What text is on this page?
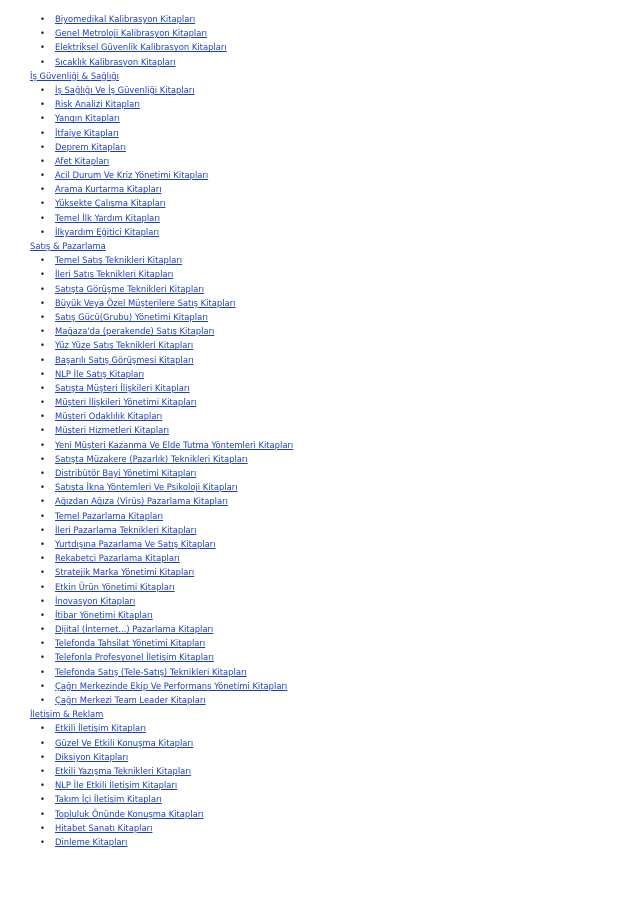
• Biyomedikal Kalibrasyon Kitapları
• Genel Metroloji Kalibrasyon Kitapları
• Elektriksel Güvenlik Kalibrasyon Kitapları
• Sıcaklık Kalibrasyon Kitapları
İş Güvenliği & Sağlığı
• İş Sağlığı Ve İş Güvenliği Kitapları
• Risk Analizi Kitapları
• Yangın Kitapları
• İtfaiye Kitapları
• Deprem Kitapları
• Afet Kitapları
• Acil Durum Ve Kriz Yönetimi Kitapları
• Arama Kurtarma Kitapları
• Yüksekte Çalışma Kitapları
• Temel İlk Yardım Kitapları
• İlkyardım Eğitici Kitapları
Satış & Pazarlama
• Temel Satış Teknikleri Kitapları
• İleri Satış Teknikleri Kitapları
• Satışta Görüşme Teknikleri Kitapları
• Büyük Veya Özel Müşterilere Satış Kitapları
• Satış Gücü(Grubu) Yönetimi Kitapları
• Mağaza'da (perakende) Satış Kitapları
• Yüz Yüze Satış Teknikleri Kitapları
• Başarılı Satış Görüşmesi Kitapları
• NLP İle Satış Kitapları
• Satışta Müşteri İlişkileri Kitapları
• Müşteri İlişkileri Yönetimi Kitapları
• Müşteri Odaklılık Kitapları
• Müşteri Hizmetleri Kitapları
• Yeni Müşteri Kazanma Ve Elde Tutma Yöntemleri Kitapları
• Satışta Müzakere (Pazarlık) Teknikleri Kitapları
• Distribütör Bayi Yönetimi Kitapları
• Satışta İkna Yöntemleri Ve Psikoloji Kitapları
• Ağızdan Ağıza (Virüs) Pazarlama Kitapları
• Temel Pazarlama Kitapları
• İleri Pazarlama Teknikleri Kitapları
• Yurtdışına Pazarlama Ve Satış Kitapları
• Rekabetçi Pazarlama Kitapları
• Stratejik Marka Yönetimi Kitapları
• Etkin Ürün Yönetimi Kitapları
• İnovasyon Kitapları
• İtibar Yönetimi Kitapları
• Dijital (İnternet...) Pazarlama Kitapları
• Telefonda Tahsilat Yönetimi Kitapları
• Telefonla Profesyonel İletişim Kitapları
• Telefonda Satış (Tele-Satış) Teknikleri Kitapları
• Çağrı Merkezinde Ekip Ve Performans Yönetimi Kitapları
• Çağrı Merkezi Team Leader Kitapları
İletişim & Reklam
• Etkili İletişim Kitapları
• Güzel Ve Etkili Konuşma Kitapları
• Diksiyon Kitapları
• Etkili Yazışma Teknikleri Kitapları
• NLP İle Etkili İletişim Kitapları
• Takım İçi İletişim Kitapları
• Topluluk Önünde Konuşma Kitapları
• Hitabet Sanatı Kitapları
• Dinleme Kitapları
